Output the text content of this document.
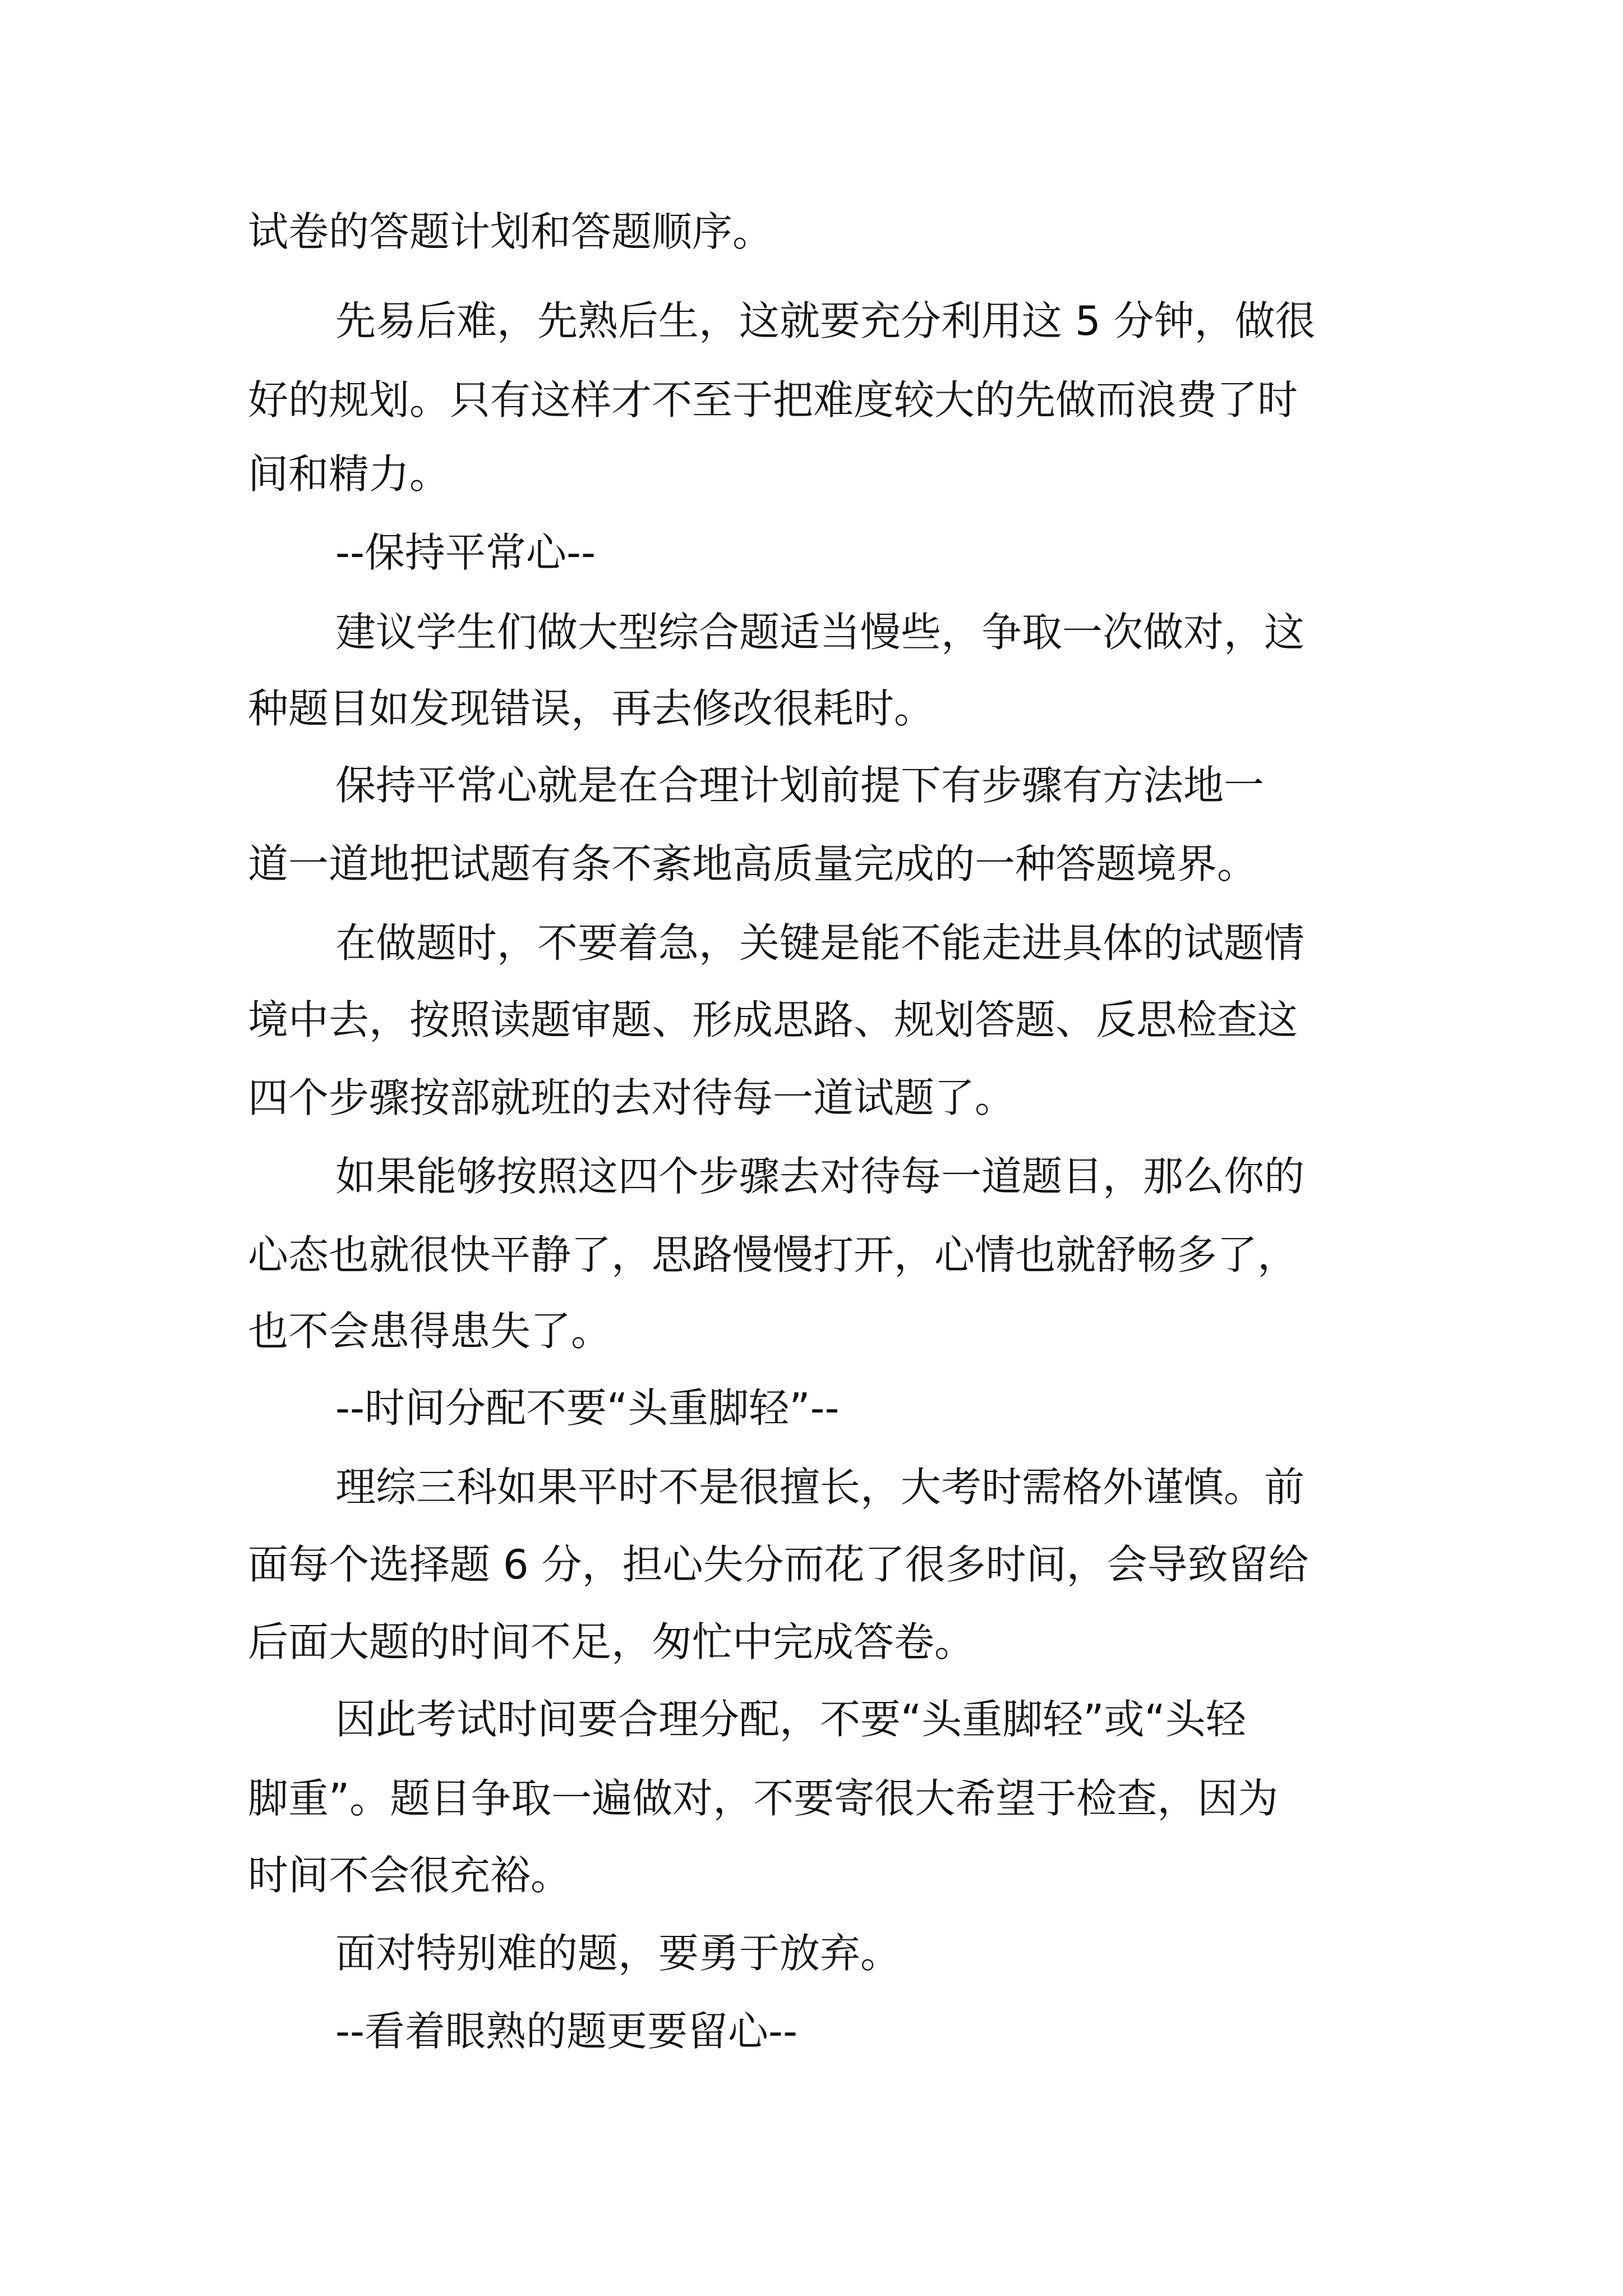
试卷的答题计划和答题顺序。
先易后难，先熟后生，这就要充分利用这 5 分钟，做很
好的规划。只有这样才不至于把难度较大的先做而浪费了时
间和精力。
--保持平常心--
建议学生们做大型综合题适当慢些，争取一次做对，这
种题目如发现错误，再去修改很耗时。
保持平常心就是在合理计划前提下有步骤有方法地一
道一道地把试题有条不紊地高质量完成的一种答题境界。
在做题时，不要着急，关键是能不能走进具体的试题情
境中去，按照读题审题、形成思路、规划答题、反思检查这
四个步骤按部就班的去对待每一道试题了。
如果能够按照这四个步骤去对待每一道题目，那么你的
心态也就很快平静了，思路慢慢打开，心情也就舒畅多了，
也不会患得患失了。
--时间分配不要“头重脚轻”--
理综三科如果平时不是很擅长，大考时需格外谨慎。前
面每个选择题 6 分，担心失分而花了很多时间，会导致留给
后面大题的时间不足，匆忙中完成答卷。
因此考试时间要合理分配，不要“头重脚轻”或“头轻
脚重”。题目争取一遍做对，不要寄很大希望于检查，因为
时间不会很充裕。
面对特别难的题，要勇于放弃。
--看着眼熟的题更要留心--
